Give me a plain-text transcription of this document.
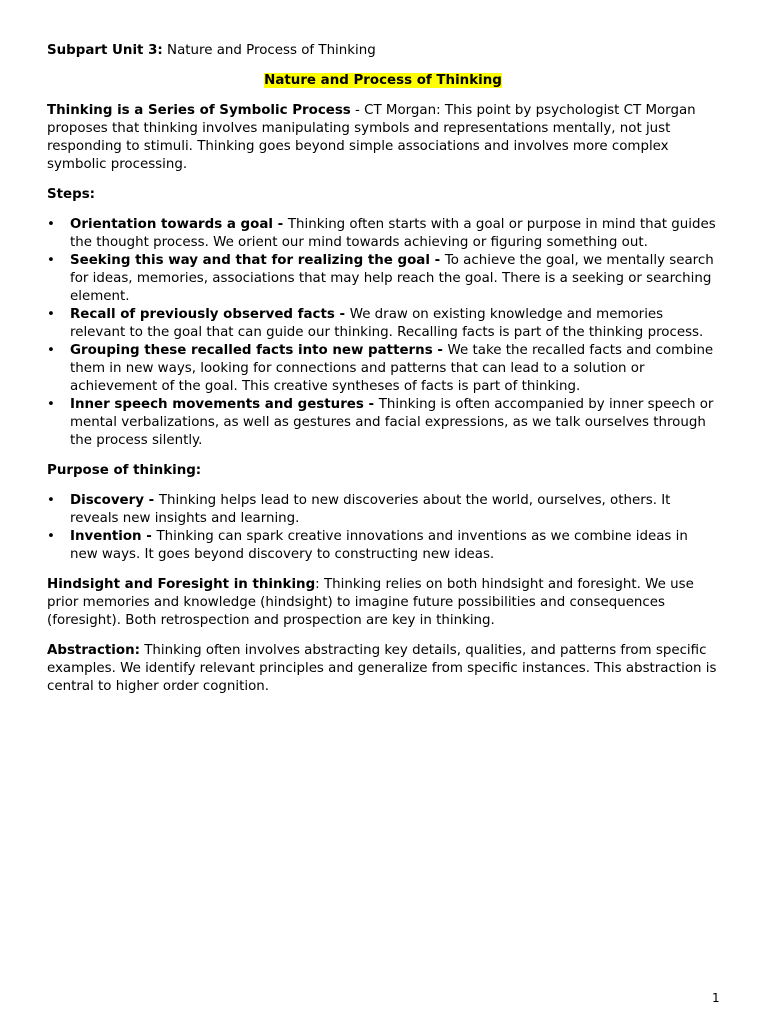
Subpart Unit 3: Nature and Process of Thinking

Nature and Process of Thinking

Thinking is a Series of Symbolic Process - CT Morgan: This point by psychologist CT Morgan proposes that thinking involves manipulating symbols and representations mentally, not just responding to stimuli. Thinking goes beyond simple associations and involves more complex symbolic processing.

Steps:

• Orientation towards a goal - Thinking often starts with a goal or purpose in mind that guides the thought process. We orient our mind towards achieving or figuring something out.
• Seeking this way and that for realizing the goal - To achieve the goal, we mentally search for ideas, memories, associations that may help reach the goal. There is a seeking or searching element.
• Recall of previously observed facts - We draw on existing knowledge and memories relevant to the goal that can guide our thinking. Recalling facts is part of the thinking process.
• Grouping these recalled facts into new patterns - We take the recalled facts and combine them in new ways, looking for connections and patterns that can lead to a solution or achievement of the goal. This creative syntheses of facts is part of thinking.
• Inner speech movements and gestures - Thinking is often accompanied by inner speech or mental verbalizations, as well as gestures and facial expressions, as we talk ourselves through the process silently.

Purpose of thinking:

• Discovery - Thinking helps lead to new discoveries about the world, ourselves, others. It reveals new insights and learning.
• Invention - Thinking can spark creative innovations and inventions as we combine ideas in new ways. It goes beyond discovery to constructing new ideas.

Hindsight and Foresight in thinking: Thinking relies on both hindsight and foresight. We use prior memories and knowledge (hindsight) to imagine future possibilities and consequences (foresight). Both retrospection and prospection are key in thinking.

Abstraction: Thinking often involves abstracting key details, qualities, and patterns from specific examples. We identify relevant principles and generalize from specific instances. This abstraction is central to higher order cognition.

1
